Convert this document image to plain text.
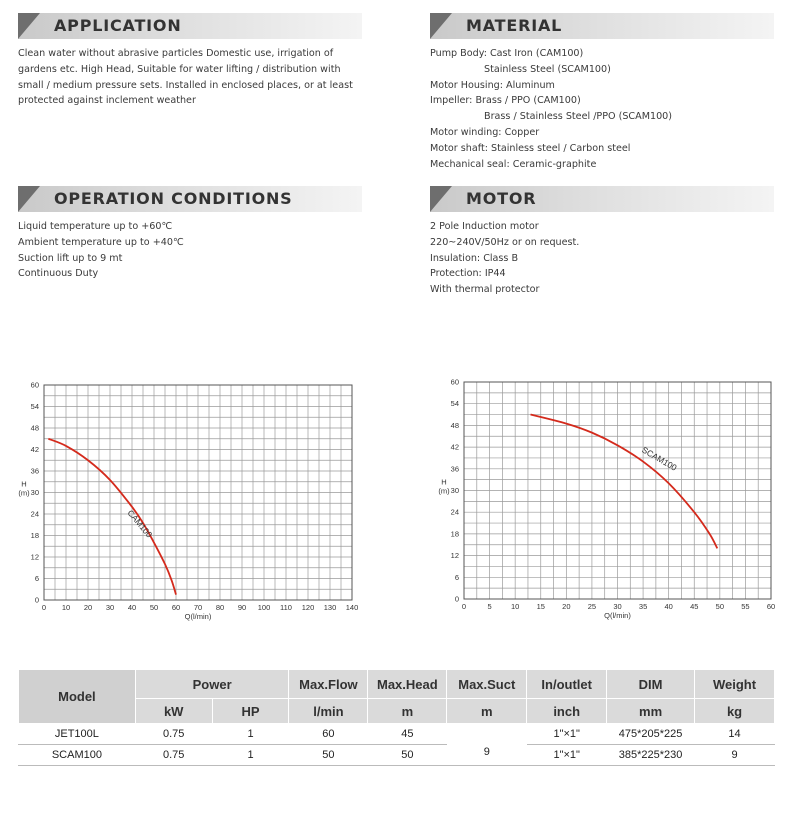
APPLICATION
Clean water without abrasive particles Domestic use, irrigation of
gardens etc. High Head, Suitable for water lifting / distribution with
small / medium pressure sets. Installed in enclosed places, or at least
protected against inclement weather
MATERIAL
Pump Body: Cast Iron (CAM100)
Stainless Steel (SCAM100)
Motor Housing: Aluminum
Impeller: Brass / PPO (CAM100)
Brass / Stainless Steel /PPO (SCAM100)
Motor winding: Copper
Motor shaft: Stainless steel / Carbon steel
Mechanical seal: Ceramic-graphite
OPERATION CONDITIONS
Liquid temperature up to +60℃
Ambient temperature up to +40℃
Suction lift up to 9 mt
Continuous Duty
MOTOR
2 Pole Induction motor
220~240V/50Hz or on request.
Insulation: Class B
Protection: IP44
With thermal protector
0 10 20 30 40 50 60 70 80 90 100 110 120 130 140
0
6
12
18
24
30
36
42
48
54
60
H
(m)
Q(l/min)
CAM100
0	5	10 15 20 25 30 35 40 45 50 55 60
0
6
12
18
24
30
36
42
48
54
60
H
(m)
Q(l/min)
SCAM100
Model	Power		Max.Flow	Max.Head	Max.Suct	In/outlet	DIM	Weight
	kW	HP	l/min	m	m	inch	mm	kg
JET100L	0.75	1	60	45	9	1"×1"	475*205*225	14
SCAM100	0.75	1	50	50		1"×1"	385*225*230	9
